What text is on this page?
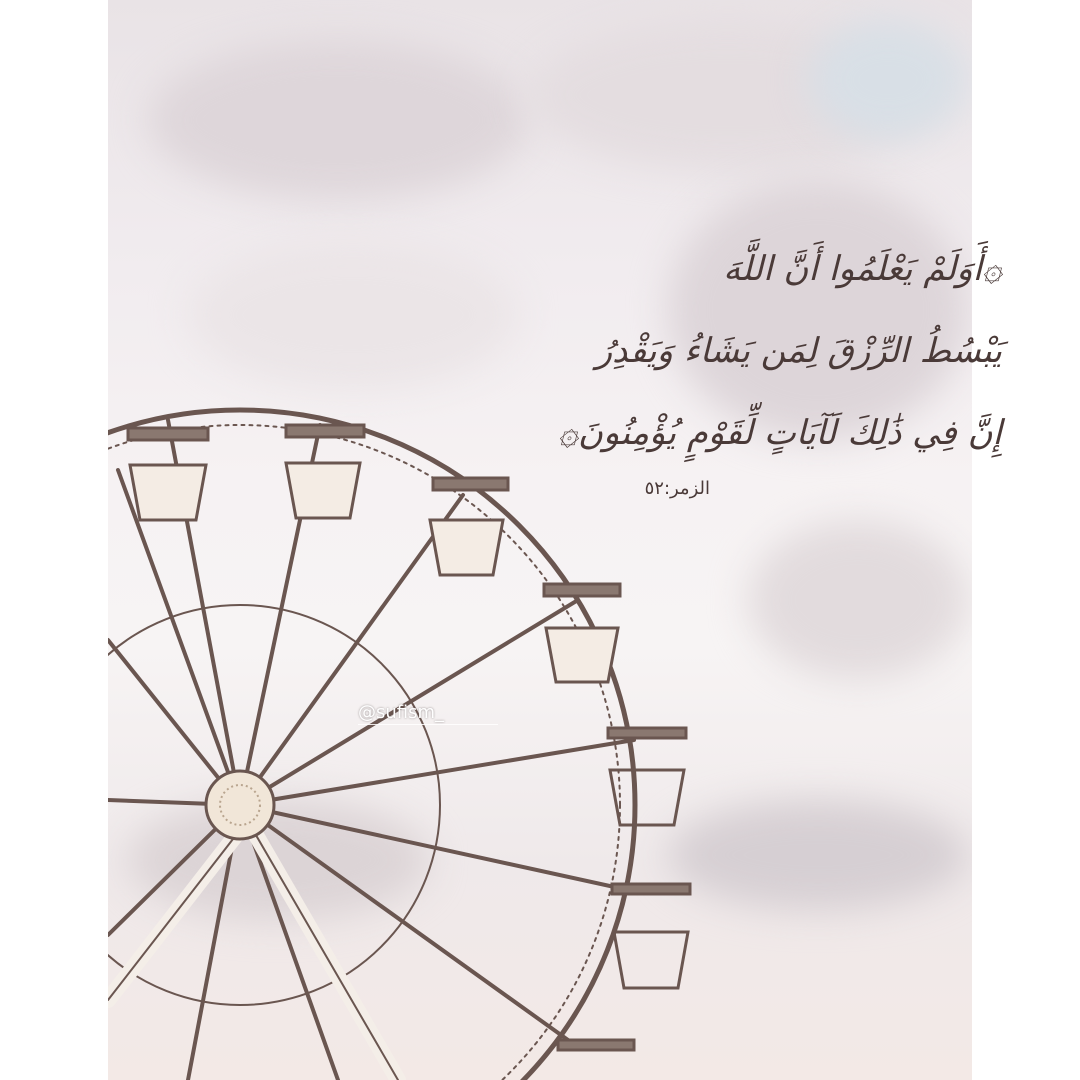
۞أَوَلَمْ يَعْلَمُوا أَنَّ اللَّهَ
يَبْسُطُ الرِّزْقَ لِمَن يَشَاءُ وَيَقْدِرُ
إِنَّ فِي ذَٰلِكَ لَآيَاتٍ لِّقَوْمٍ يُؤْمِنُونَ۞
الزمر:٥٢
@sufism_
